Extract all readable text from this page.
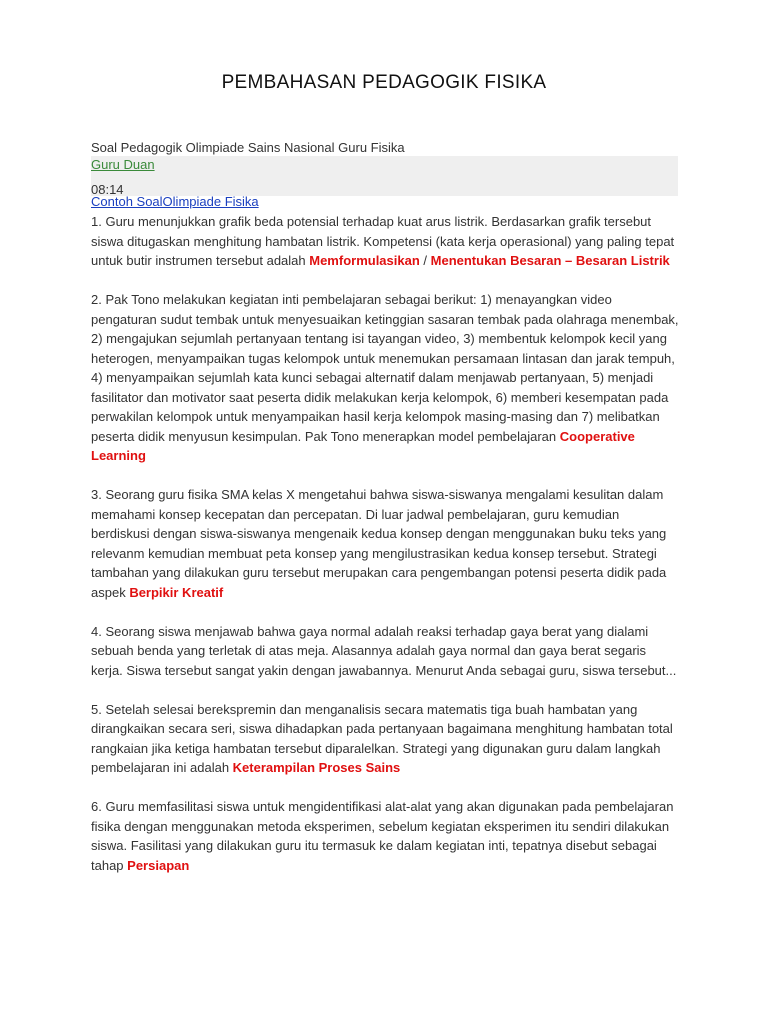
PEMBAHASAN PEDAGOGIK FISIKA
Soal Pedagogik Olimpiade Sains Nasional Guru Fisika
Guru Duan
08:14
Contoh SoalOlimpiade Fisika

1. Guru menunjukkan grafik beda potensial terhadap kuat arus listrik. Berdasarkan grafik tersebut siswa ditugaskan menghitung hambatan listrik. Kompetensi (kata kerja operasional) yang paling tepat untuk butir instrumen tersebut adalah Memformulasikan / Menentukan Besaran – Besaran Listrik

2. Pak Tono melakukan kegiatan inti pembelajaran sebagai berikut: 1) menayangkan video pengaturan sudut tembak untuk menyesuaikan ketinggian sasaran tembak pada olahraga menembak, 2) mengajukan sejumlah pertanyaan tentang isi tayangan video, 3) membentuk kelompok kecil yang heterogen, menyampaikan tugas kelompok untuk menemukan persamaan lintasan dan jarak tempuh, 4) menyampaikan sejumlah kata kunci sebagai alternatif dalam menjawab pertanyaan, 5) menjadi fasilitator dan motivator saat peserta didik melakukan kerja kelompok, 6) memberi kesempatan pada perwakilan kelompok untuk menyampaikan hasil kerja kelompok masing-masing dan 7) melibatkan peserta didik menyusun kesimpulan. Pak Tono menerapkan model pembelajaran Cooperative Learning

3. Seorang guru fisika SMA kelas X mengetahui bahwa siswa-siswanya mengalami kesulitan dalam memahami konsep kecepatan dan percepatan. Di luar jadwal pembelajaran, guru kemudian berdiskusi dengan siswa-siswanya mengenaik kedua konsep dengan menggunakan buku teks yang relevanm kemudian membuat peta konsep yang mengilustrasikan kedua konsep tersebut. Strategi tambahan yang dilakukan guru tersebut merupakan cara pengembangan potensi peserta didik pada aspek Berpikir Kreatif

4. Seorang siswa menjawab bahwa gaya normal adalah reaksi terhadap gaya berat yang dialami sebuah benda yang terletak di atas meja. Alasannya adalah gaya normal dan gaya berat segaris kerja. Siswa tersebut sangat yakin dengan jawabannya. Menurut Anda sebagai guru, siswa tersebut...

5. Setelah selesai berekspremin dan menganalisis secara matematis tiga buah hambatan yang dirangkaikan secara seri, siswa dihadapkan pada pertanyaan bagaimana menghitung hambatan total rangkaian jika ketiga hambatan tersebut diparalelkan. Strategi yang digunakan guru dalam langkah pembelajaran ini adalah Keterampilan Proses Sains

6. Guru memfasilitasi siswa untuk mengidentifikasi alat-alat yang akan digunakan pada pembelajaran fisika dengan menggunakan metoda eksperimen, sebelum kegiatan eksperimen itu sendiri dilakukan siswa. Fasilitasi yang dilakukan guru itu termasuk ke dalam kegiatan inti, tepatnya disebut sebagai tahap Persiapan
